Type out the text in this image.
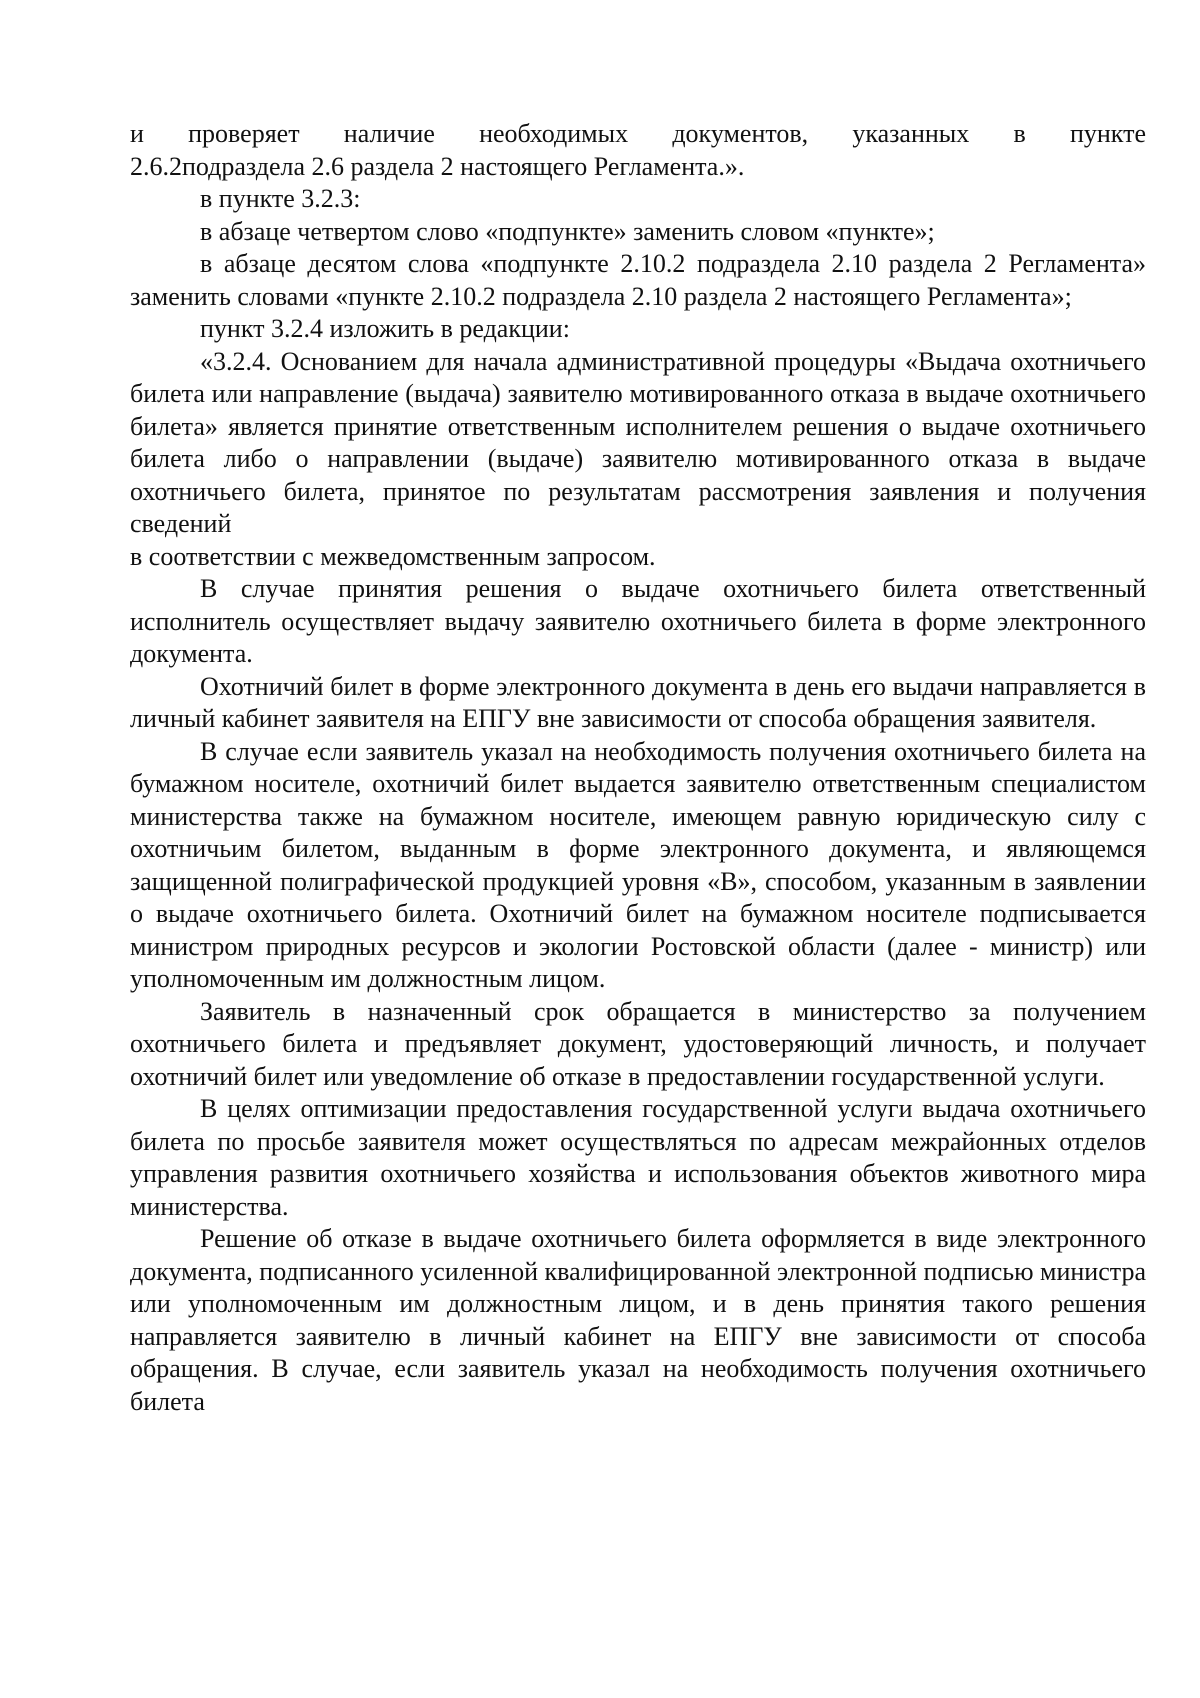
и проверяет наличие необходимых документов, указанных в пункте

2.6.2подраздела 2.6 раздела 2 настоящего Регламента.».

в пункте 3.2.3:

в абзаце четвертом слово «подпункте» заменить словом «пункте»;

в абзаце десятом слова «подпункте 2.10.2 подраздела 2.10 раздела 2 Регламента» заменить словами «пункте 2.10.2 подраздела 2.10 раздела 2 настоящего Регламента»;

пункт 3.2.4 изложить в редакции:

«3.2.4. Основанием для начала административной процедуры «Выдача охотничьего билета или направление (выдача) заявителю мотивированного отказа в выдаче охотничьего билета» является принятие ответственным исполнителем решения о выдаче охотничьего билета либо о направлении (выдаче) заявителю мотивированного отказа в выдаче охотничьего билета, принятое по результатам рассмотрения заявления и получения сведений

в соответствии с межведомственным запросом.

В случае принятия решения о выдаче охотничьего билета ответственный исполнитель осуществляет выдачу заявителю охотничьего билета в форме электронного документа.

Охотничий билет в форме электронного документа в день его выдачи направляется в личный кабинет заявителя на ЕПГУ вне зависимости от способа обращения заявителя.

В случае если заявитель указал на необходимость получения охотничьего билета на бумажном носителе, охотничий билет выдается заявителю ответственным специалистом министерства также на бумажном носителе, имеющем равную юридическую силу с охотничьим билетом, выданным в форме электронного документа, и являющемся защищенной полиграфической продукцией уровня «В», способом, указанным в заявлении о выдаче охотничьего билета. Охотничий билет на бумажном носителе подписывается министром природных ресурсов и экологии Ростовской области (далее - министр) или уполномоченным им должностным лицом.

Заявитель в назначенный срок обращается в министерство за получением охотничьего билета и предъявляет документ, удостоверяющий личность, и получает охотничий билет или уведомление об отказе в предоставлении государственной услуги.

В целях оптимизации предоставления государственной услуги выдача охотничьего билета по просьбе заявителя может осуществляться по адресам межрайонных отделов управления развития охотничьего хозяйства и использования объектов животного мира министерства.

Решение об отказе в выдаче охотничьего билета оформляется в виде электронного документа, подписанного усиленной квалифицированной электронной подписью министра или уполномоченным им должностным лицом, и в день принятия такого решения направляется заявителю в личный кабинет на ЕПГУ вне зависимости от способа обращения. В случае, если заявитель указал на необходимость получения охотничьего билета
